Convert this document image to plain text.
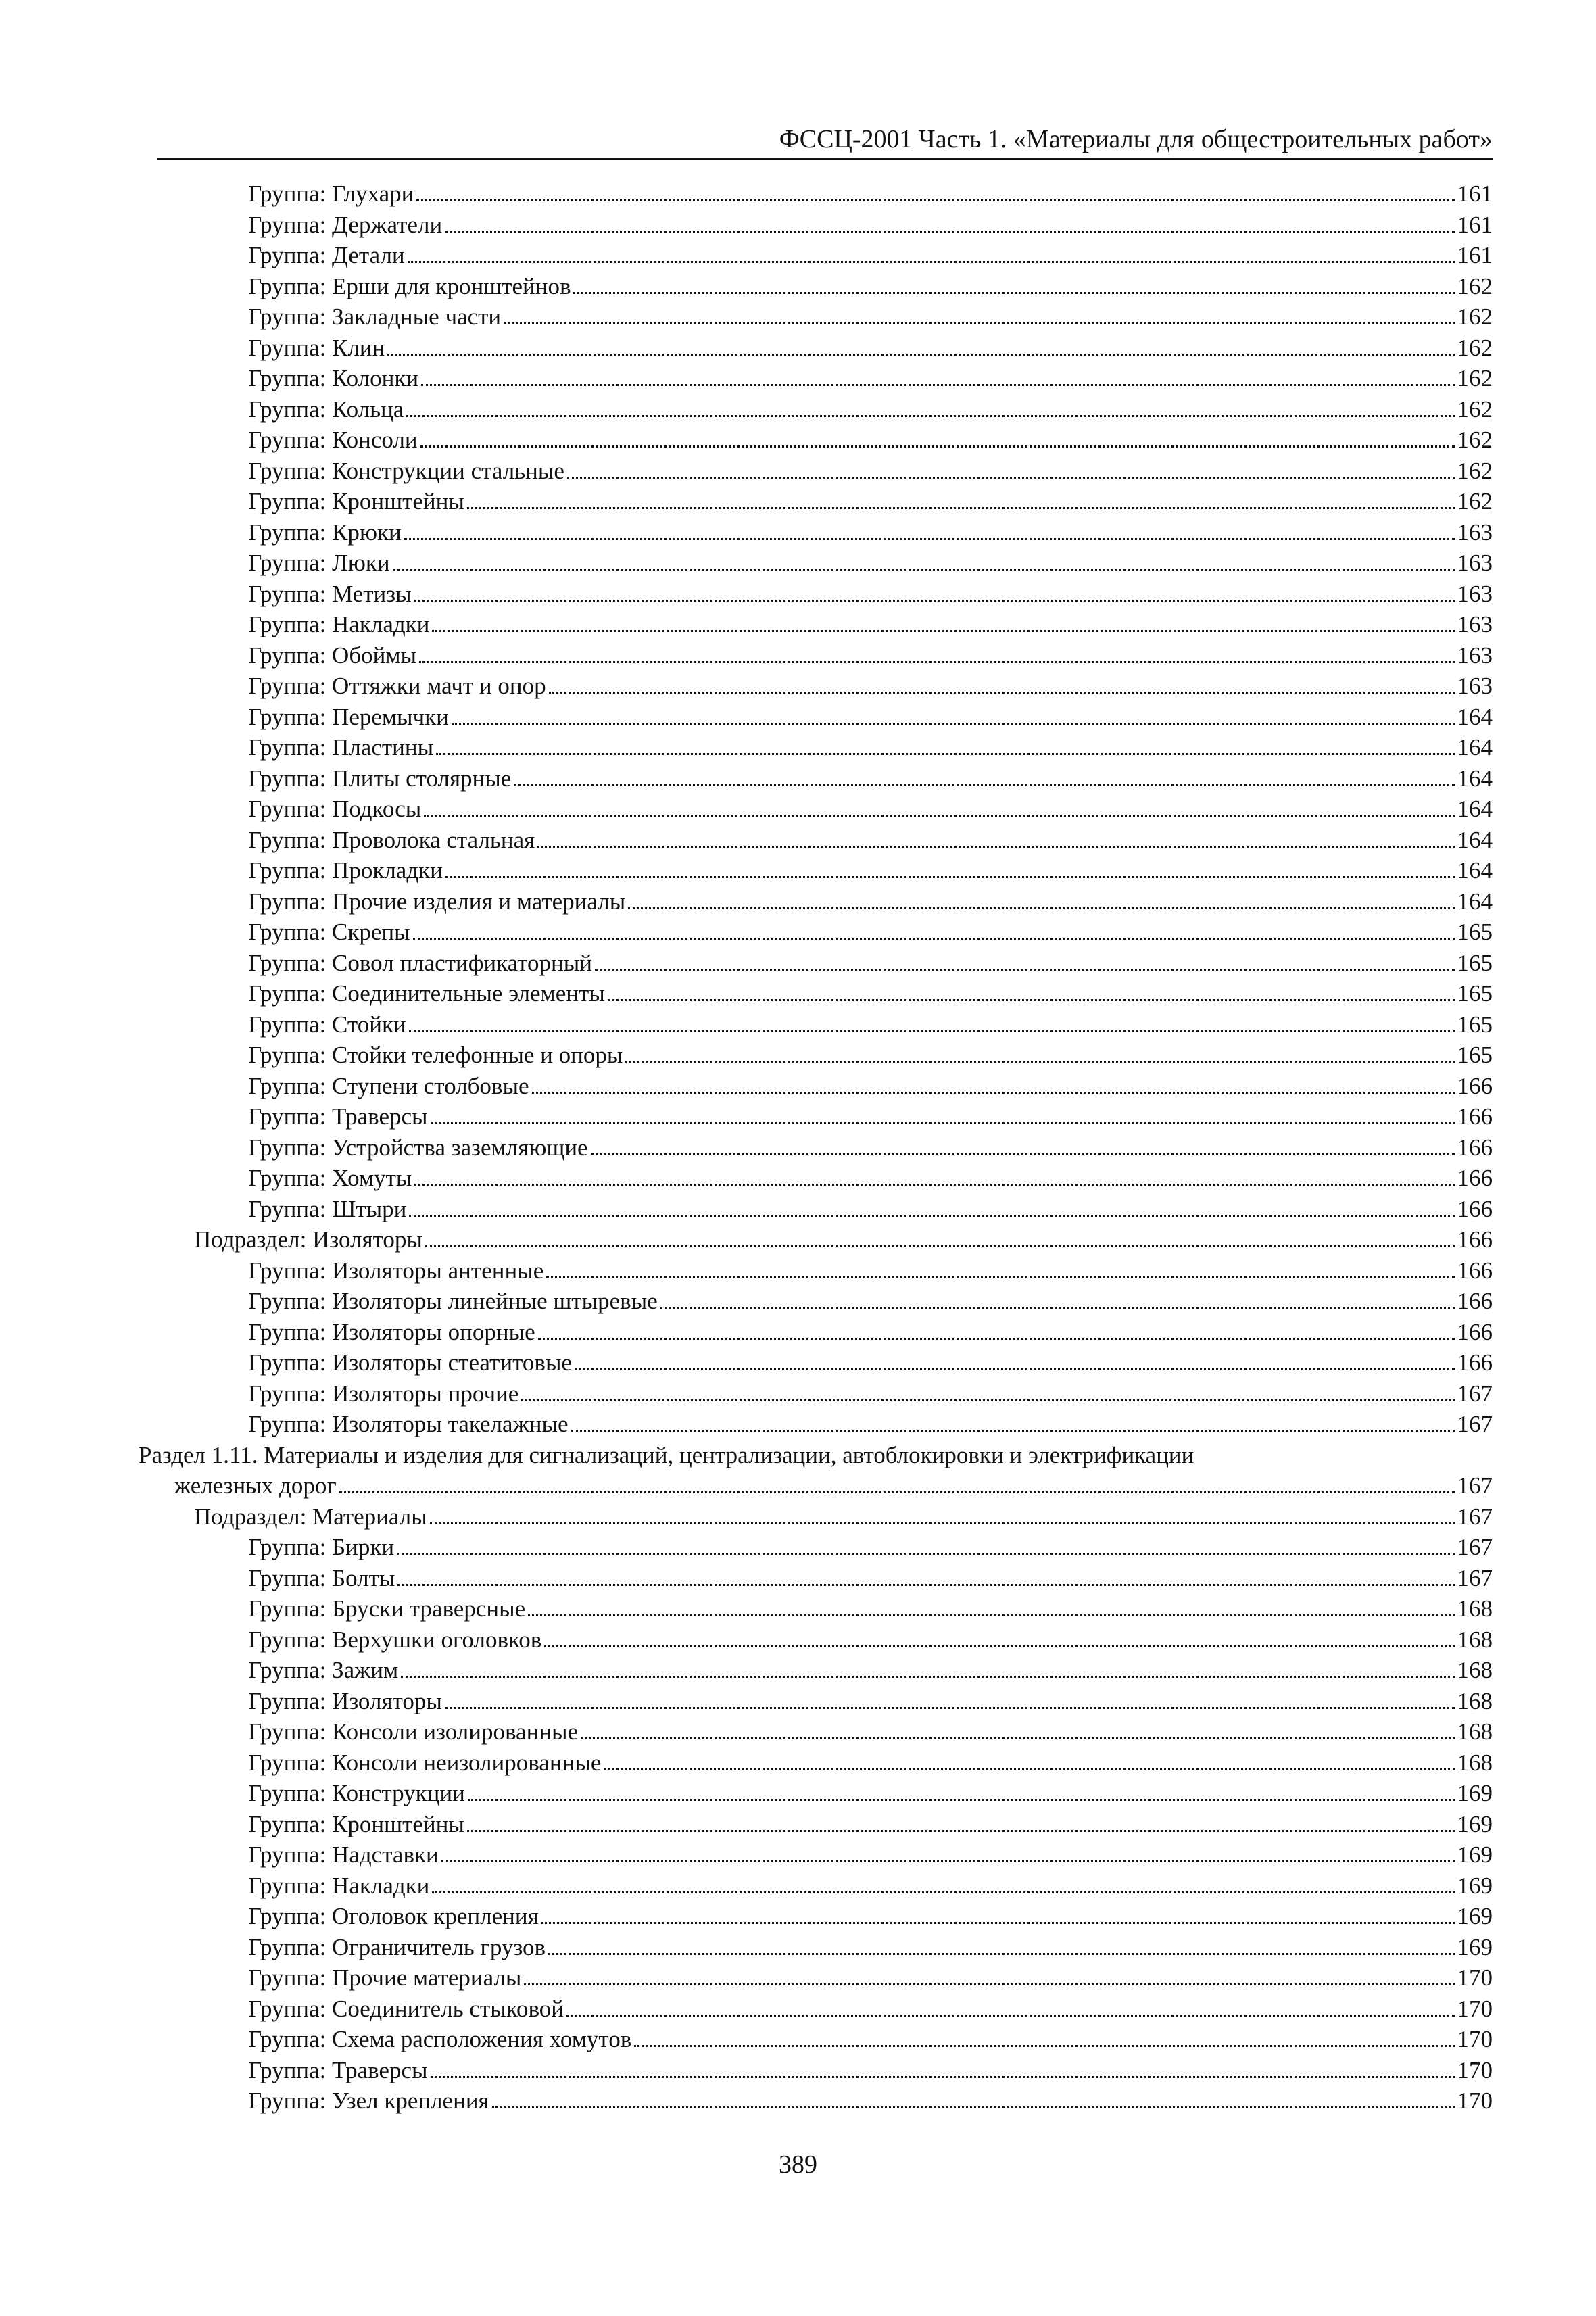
ФССЦ-2001 Часть 1. «Материалы для общестроительных работ»
Группа: Глухари	161
Группа: Держатели	161
Группа: Детали	161
Группа: Ерши для кронштейнов	162
Группа: Закладные части	162
Группа: Клин	162
Группа: Колонки	162
Группа: Кольца	162
Группа: Консоли	162
Группа: Конструкции стальные	162
Группа: Кронштейны	162
Группа: Крюки	163
Группа: Люки	163
Группа: Метизы	163
Группа: Накладки	163
Группа: Обоймы	163
Группа: Оттяжки мачт и опор	163
Группа: Перемычки	164
Группа: Пластины	164
Группа: Плиты столярные	164
Группа: Подкосы	164
Группа: Проволока стальная	164
Группа: Прокладки	164
Группа: Прочие изделия и материалы	164
Группа: Скрепы	165
Группа: Совол пластификаторный	165
Группа: Соединительные элементы	165
Группа: Стойки	165
Группа: Стойки телефонные и опоры	165
Группа: Ступени столбовые	166
Группа: Траверсы	166
Группа: Устройства заземляющие	166
Группа: Хомуты	166
Группа: Штыри	166
Подраздел: Изоляторы	166
Группа: Изоляторы антенные	166
Группа: Изоляторы линейные штыревые	166
Группа: Изоляторы опорные	166
Группа: Изоляторы стеатитовые	166
Группа: Изоляторы прочие	167
Группа: Изоляторы такелажные	167
Раздел 1.11. Материалы и изделия для сигнализаций, централизации, автоблокировки и электрификации
железных дорог	167
Подраздел: Материалы	167
Группа: Бирки	167
Группа: Болты	167
Группа: Бруски траверсные	168
Группа: Верхушки оголовков	168
Группа: Зажим	168
Группа: Изоляторы	168
Группа: Консоли изолированные	168
Группа: Консоли неизолированные	168
Группа: Конструкции	169
Группа: Кронштейны	169
Группа: Надставки	169
Группа: Накладки	169
Группа: Оголовок крепления	169
Группа: Ограничитель грузов	169
Группа: Прочие материалы	170
Группа: Соединитель стыковой	170
Группа: Схема расположения хомутов	170
Группа: Траверсы	170
Группа: Узел крепления	170
389
